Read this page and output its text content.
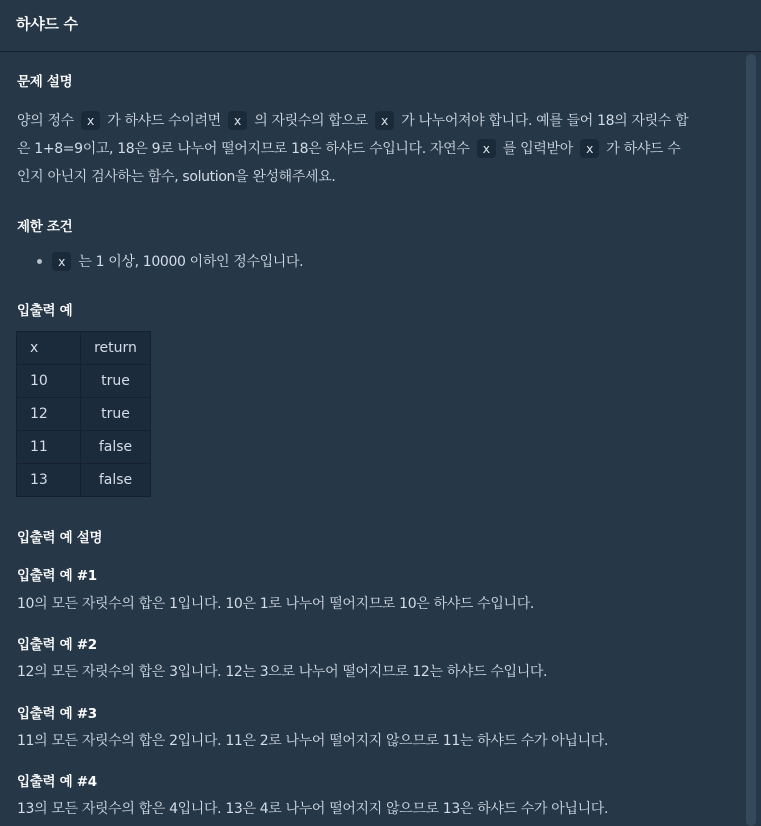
하샤드 수
문제 설명
양의 정수 x 가 하샤드 수이려면 x 의 자릿수의 합으로 x 가 나누어져야 합니다. 예를 들어 18의 자릿수 합
은 1+8=9이고, 18은 9로 나누어 떨어지므로 18은 하샤드 수입니다. 자연수 x 를 입력받아 x 가 하샤드 수
인지 아닌지 검사하는 함수, solution을 완성해주세요.
제한 조건
x 는 1 이상, 10000 이하인 정수입니다.
입출력 예
x	return
10	true
12	true
11	false
13	false
입출력 예 설명
입출력 예 #1
10의 모든 자릿수의 합은 1입니다. 10은 1로 나누어 떨어지므로 10은 하샤드 수입니다.
입출력 예 #2
12의 모든 자릿수의 합은 3입니다. 12는 3으로 나누어 떨어지므로 12는 하샤드 수입니다.
입출력 예 #3
11의 모든 자릿수의 합은 2입니다. 11은 2로 나누어 떨어지지 않으므로 11는 하샤드 수가 아닙니다.
입출력 예 #4
13의 모든 자릿수의 합은 4입니다. 13은 4로 나누어 떨어지지 않으므로 13은 하샤드 수가 아닙니다.
